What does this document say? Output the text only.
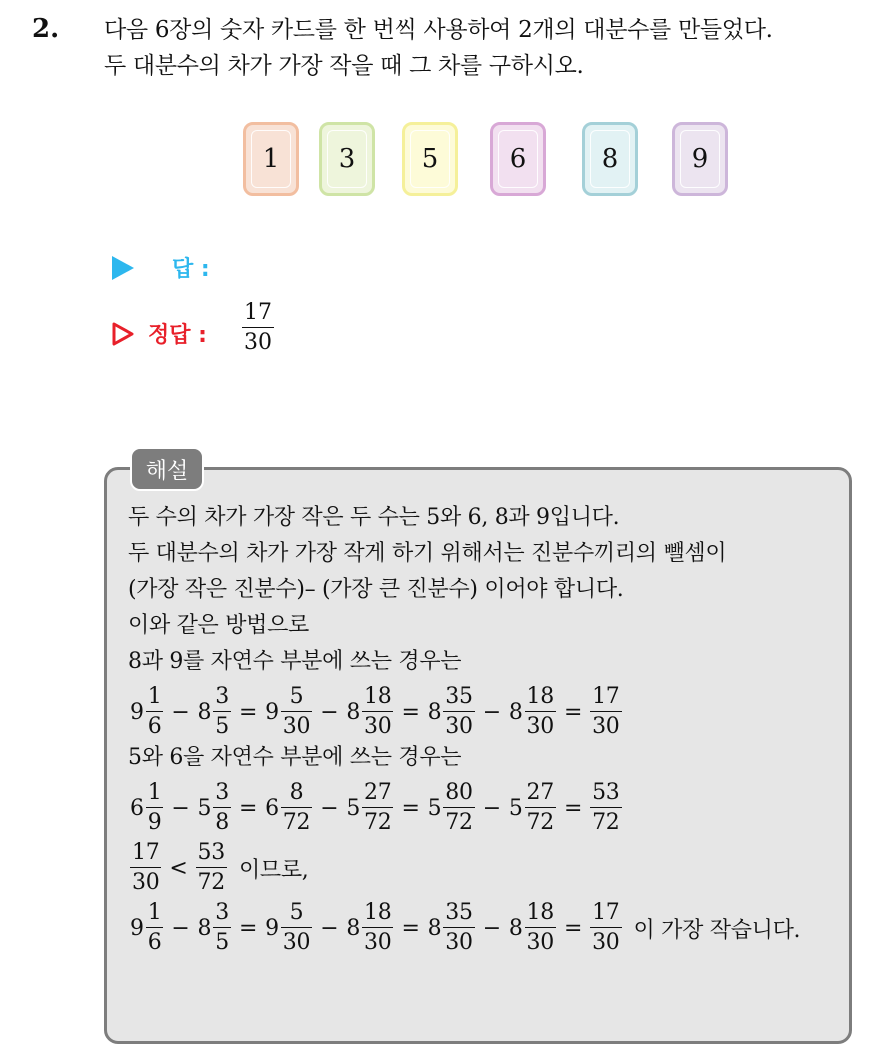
2. 다음 6장의 숫자 카드를 한 번씩 사용하여 2개의 대분수를 만들었다.
두 대분수의 차가 가장 작을 때 그 차를 구하시오.
1 3	5	6	8	9
답 :
정답 : $\frac{17}{30}$
해설
두 수의 차가 가장 작은 두 수는 5와 6, 8과 9입니다.
두 대분수의 차가 가장 작게 하기 위해서는 진분수끼리의 뺄셈이
(가장 작은 진분수)– (가장 큰 진분수) 이어야 합니다.
이와 같은 방법으로
8과 9를 자연수 부분에 쓰는 경우는
$9 \frac{1}{6} - 8 \frac{3}{5} = 9 \frac{5}{30} - 8 \frac{18}{30} = 8 \frac{35}{30} - 8 \frac{18}{30} = \frac{17}{30}$
5와 6을 자연수 부분에 쓰는 경우는
$6 \frac{1}{9} - 5 \frac{3}{8} = 6 \frac{8}{72} - 5 \frac{27}{72} = 5 \frac{80}{72} - 5 \frac{27}{72} = \frac{53}{72}$
$\frac{17}{30} < \frac{53}{72}$ 이므로,
$9 \frac{1}{6} - 8 \frac{3}{5} = 9 \frac{5}{30} - 8 \frac{18}{30} = 8 \frac{35}{30} - 8 \frac{18}{30} = \frac{17}{30}$ 이 가장 작습니다.
